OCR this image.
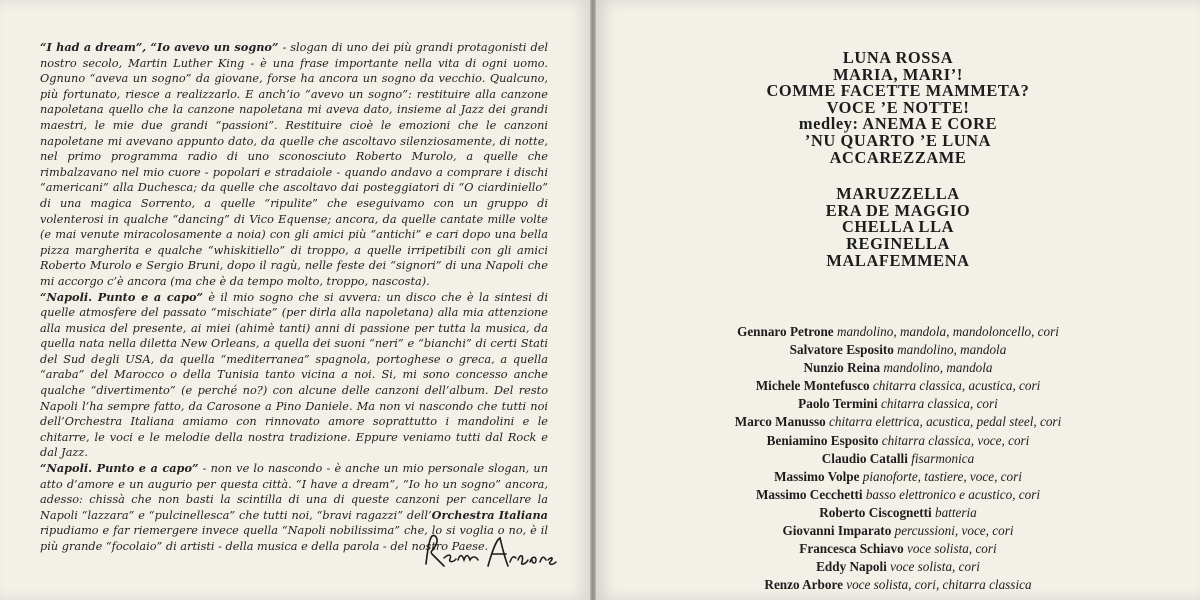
“I had a dream”, “Io avevo un sogno” - slogan di uno dei più grandi protagonisti del nostro secolo, Martin Luther King - è una frase importante nella vita di ogni uomo. Ognuno “aveva un sogno” da giovane, forse ha ancora un sogno da vecchio. Qualcuno, più fortunato, riesce a realizzarlo. E anch’io “avevo un sogno”: restituire alla canzone napoletana quello che la canzone napoletana mi aveva dato, insieme al Jazz dei grandi maestri, le mie due grandi “passioni”. Restituire cioè le emozioni che le canzoni napoletane mi avevano appunto dato, da quelle che ascoltavo silenziosamente, di notte, nel primo programma radio di uno sconosciuto Roberto Murolo, a quelle che rimbalzavano nel mio cuore - popolari e stradaiole - quando andavo a comprare i dischi “americani” alla Duchesca; da quelle che ascoltavo dai posteggiatori di “O ciardiniello” di una magica Sorrento, a quelle “ripulite” che eseguivamo con un gruppo di volenterosi in qualche “dancing” di Vico Equense; ancora, da quelle cantate mille volte (e mai venute miracolosamente a noia) con gli amici più “antichi” e cari dopo una bella pizza margherita e qualche “whiskitiello” di troppo, a quelle irripetibili con gli amici Roberto Murolo e Sergio Bruni, dopo il ragù, nelle feste dei “signori” di una Napoli che mi accorgo c’è ancora (ma che è da tempo molto, troppo, nascosta).

“Napoli. Punto e a capo” è il mio sogno che si avvera: un disco che è la sintesi di quelle atmosfere del passato “mischiate” (per dirla alla napoletana) alla mia attenzione alla musica del presente, ai miei (ahimè tanti) anni di passione per tutta la musica, da quella nata nella diletta New Orleans, a quella dei suoni “neri” e “bianchi” di certi Stati del Sud degli USA, da quella “mediterranea” spagnola, portoghese o greca, a quella “araba” del Marocco o della Tunisia tanto vicina a noi. Si, mi sono concesso anche qualche “divertimento” (e perché no?) con alcune delle canzoni dell’album. Del resto Napoli l’ha sempre fatto, da Carosone a Pino Daniele. Ma non vi nascondo che tutti noi dell’Orchestra Italiana amiamo con rinnovato amore soprattutto i mandolini e le chitarre, le voci e le melodie della nostra tradizione. Eppure veniamo tutti dal Rock e dal Jazz.

“Napoli. Punto e a capo” - non ve lo nascondo - è anche un mio personale slogan, un atto d’amore e un augurio per questa città. “I have a dream”, “Io ho un sogno” ancora, adesso: chissà che non basti la scintilla di una di queste canzoni per cancellare la Napoli “lazzara” e “pulcinellesca” che tutti noi, “bravi ragazzi” dell’Orchestra Italiana ripudiamo e far riemergere invece quella “Napoli nobilissima” che, lo si voglia o no, è il più grande “focolaio” di artisti - della musica e della parola - del nostro Paese.

LUNA ROSSA
MARIA, MARI’!
COMME FACETTE MAMMETA?
VOCE ’E NOTTE!
medley: ANEMA E CORE
’NU QUARTO ’E LUNA
ACCAREZZAME
MARUZZELLA
ERA DE MAGGIO
CHELLA LLA
REGINELLA
MALAFEMMENA
Gennaro Petrone mandolino, mandola, mandoloncello, cori
Salvatore Esposito mandolino, mandola
Nunzio Reina mandolino, mandola
Michele Montefusco chitarra classica, acustica, cori
Paolo Termini chitarra classica, cori
Marco Manusso chitarra elettrica, acustica, pedal steel, cori
Beniamino Esposito chitarra classica, voce, cori
Claudio Catalli fisarmonica
Massimo Volpe pianoforte, tastiere, voce, cori
Massimo Cecchetti basso elettronico e acustico, cori
Roberto Ciscognetti batteria
Giovanni Imparato percussioni, voce, cori
Francesca Schiavo voce solista, cori
Eddy Napoli voce solista, cori
Renzo Arbore voce solista, cori, chitarra classica
